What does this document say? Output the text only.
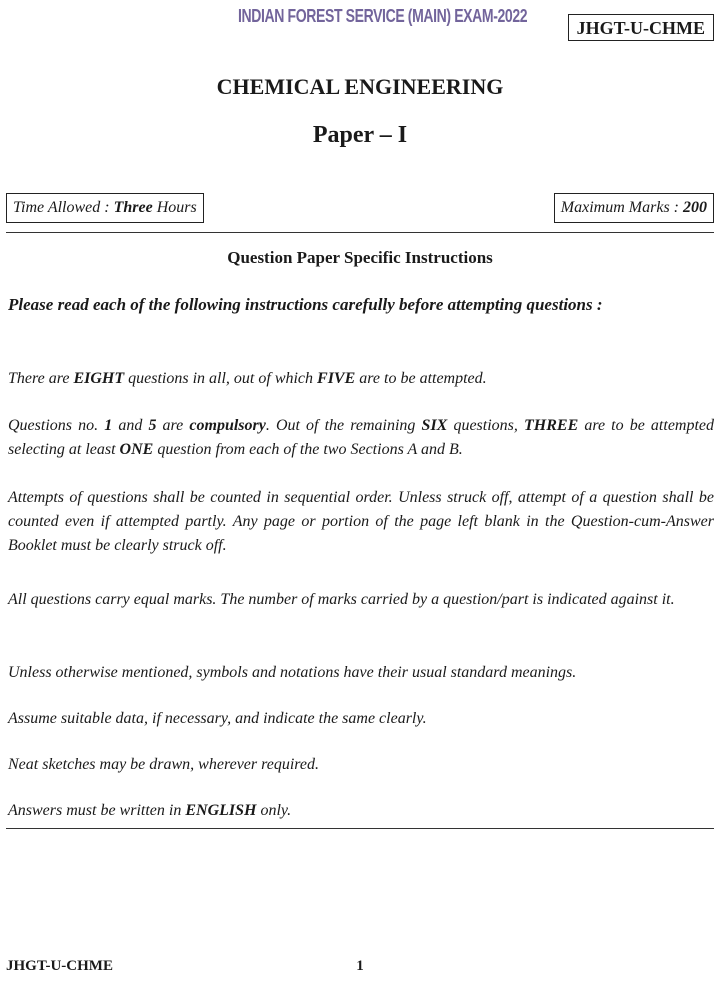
INDIAN FOREST SERVICE (MAIN) EXAM-2022
JHGT-U-CHME
CHEMICAL ENGINEERING
Paper – I
Time Allowed : Three Hours	Maximum Marks : 200
Question Paper Specific Instructions
Please read each of the following instructions carefully before attempting questions :
There are EIGHT questions in all, out of which FIVE are to be attempted.
Questions no. 1 and 5 are compulsory. Out of the remaining SIX questions, THREE are to be attempted selecting at least ONE question from each of the two Sections A and B.
Attempts of questions shall be counted in sequential order. Unless struck off, attempt of a question shall be counted even if attempted partly. Any page or portion of the page left blank in the Question-cum-Answer Booklet must be clearly struck off.
All questions carry equal marks. The number of marks carried by a question/part is indicated against it.
Unless otherwise mentioned, symbols and notations have their usual standard meanings.
Assume suitable data, if necessary, and indicate the same clearly.
Neat sketches may be drawn, wherever required.
Answers must be written in ENGLISH only.
JHGT-U-CHME	1
